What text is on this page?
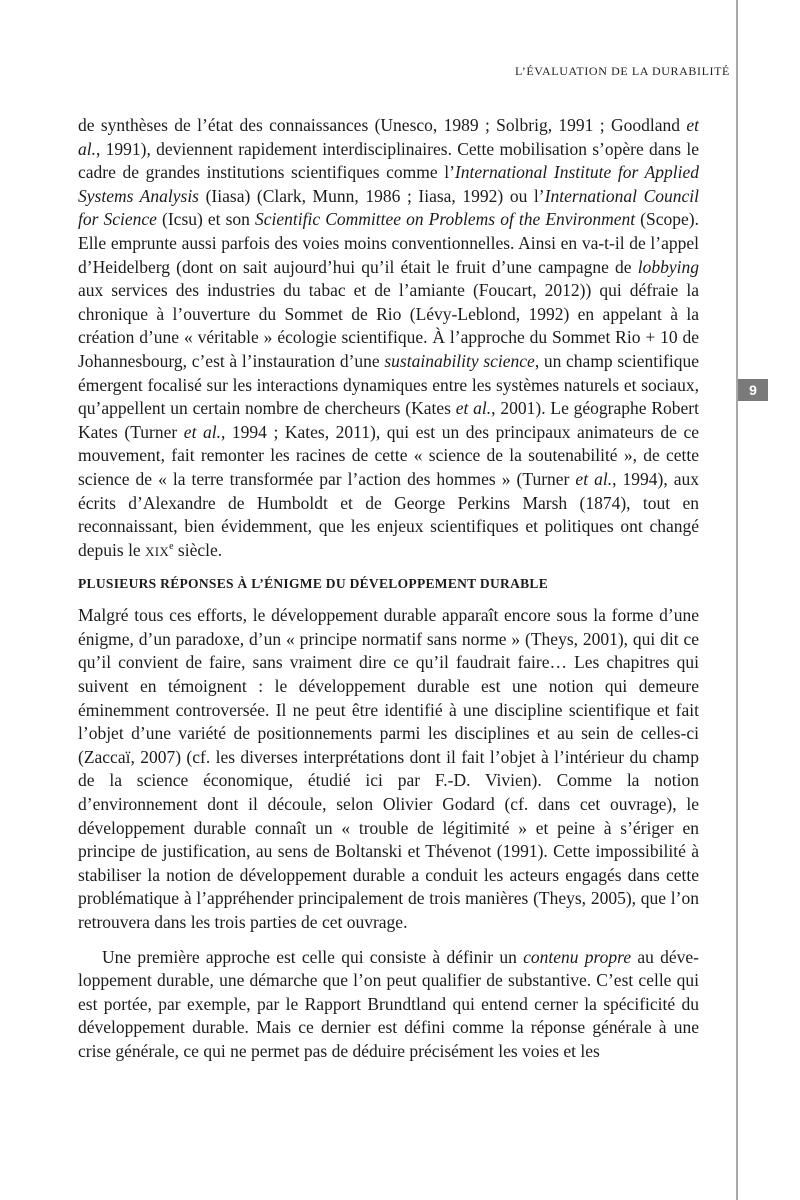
L’ÉVALUATION DE LA DURABILITÉ
9

de synthèses de l’état des connaissances (Unesco, 1989 ; Solbrig, 1991 ; Goodland et al., 1991), deviennent rapidement interdisciplinaires. Cette mobilisation s’opère dans le cadre de grandes institutions scientifiques comme l’International Institute for Applied Systems Analysis (Iiasa) (Clark, Munn, 1986 ; Iiasa, 1992) ou l’International Council for Science (Icsu) et son Scientific Committee on Problems of the Environment (Scope). Elle emprunte aussi parfois des voies moins conventionnelles. Ainsi en va‑t‑il de l’appel d’Heidelberg (dont on sait aujourd’hui qu’il était le fruit d’une campagne de lobbying aux services des industries du tabac et de l’amiante (Foucart, 2012)) qui défraie la chronique à l’ouverture du Sommet de Rio (Lévy-Leblond, 1992) en appelant à la création d’une « véritable » écologie scientifique. À l’approche du Sommet Rio + 10 de Johannesbourg, c’est à l’instauration d’une sustainability science, un champ scientifique émergent focalisé sur les interactions dynamiques entre les systèmes naturels et sociaux, qu’appellent un certain nombre de chercheurs (Kates et al., 2001). Le géographe Robert Kates (Turner et al., 1994 ; Kates, 2011), qui est un des principaux animateurs de ce mouvement, fait remonter les racines de cette « science de la soutenabilité », de cette science de « la terre transformée par l’action des hommes » (Turner et al., 1994), aux écrits d’Alexandre de Humboldt et de George Perkins Marsh (1874), tout en reconnaissant, bien évidemment, que les enjeux scientifiques et politiques ont changé depuis le XIXe siècle.

PLUSIEURS RÉPONSES À L’ÉNIGME DU DÉVELOPPEMENT DURABLE

Malgré tous ces efforts, le développement durable apparaît encore sous la forme d’une énigme, d’un paradoxe, d’un « principe normatif sans norme » (Theys, 2001), qui dit ce qu’il convient de faire, sans vraiment dire ce qu’il faudrait faire… Les chapitres qui suivent en témoignent : le développement durable est une notion qui demeure éminemment controversée. Il ne peut être identifié à une discipline scientifique et fait l’objet d’une variété de positionnements parmi les disciplines et au sein de celles-ci (Zaccaï, 2007) (cf. les diverses interprétations dont il fait l’objet à l’intérieur du champ de la science économique, étudié ici par F.-D. Vivien). Comme la notion d’environnement dont il découle, selon Olivier Godard (cf. dans cet ouvrage), le développement durable connaît un « trouble de légitimité » et peine à s’ériger en principe de justification, au sens de Boltanski et Thévenot (1991). Cette impossibilité à stabiliser la notion de développement durable a conduit les acteurs engagés dans cette problématique à l’appréhender principalement de trois manières (Theys, 2005), que l’on retrouvera dans les trois parties de cet ouvrage.

Une première approche est celle qui consiste à définir un contenu propre au développement durable, une démarche que l’on peut qualifier de substantive. C’est celle qui est portée, par exemple, par le Rapport Brundtland qui entend cerner la spécificité du développement durable. Mais ce dernier est défini comme la réponse générale à une crise générale, ce qui ne permet pas de déduire précisément les voies et les
